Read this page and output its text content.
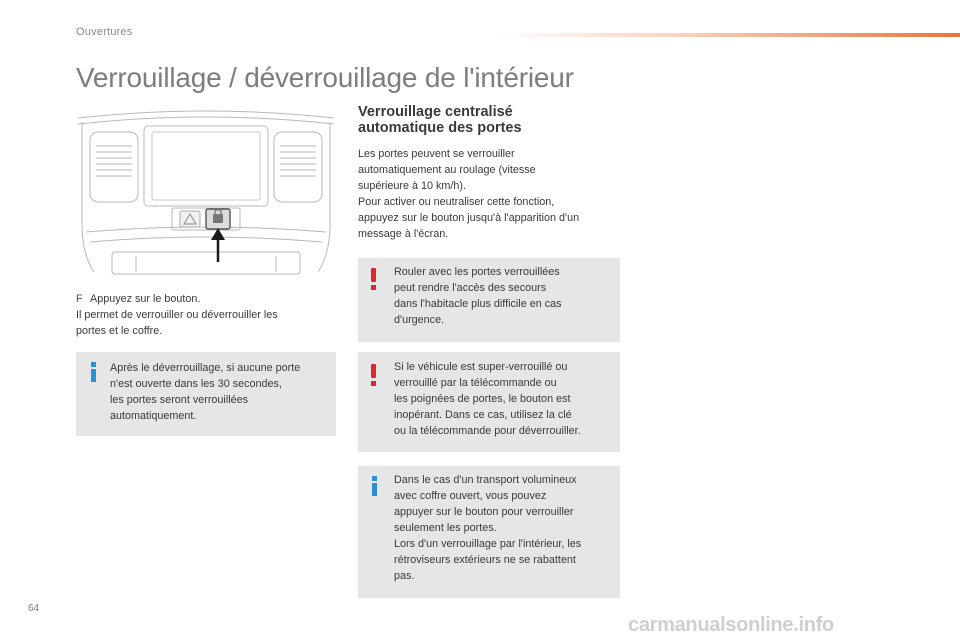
Ouvertures
Verrouillage / déverrouillage de l'intérieur
F Appuyez sur le bouton.
Il permet de verrouiller ou déverrouiller les
portes et le coffre.
Après le déverrouillage, si aucune porte
n'est ouverte dans les 30 secondes,
les portes seront verrouillées
automatiquement.
Verrouillage centralisé
automatique des portes
Les portes peuvent se verrouiller
automatiquement au roulage (vitesse
supérieure à 10 km/h).
Pour activer ou neutraliser cette fonction,
appuyez sur le bouton jusqu'à l'apparition d'un
message à l'écran.
Rouler avec les portes verrouillées
peut rendre l'accès des secours
dans l'habitacle plus difficile en cas
d'urgence.
Si le véhicule est super-verrouillé ou
verrouillé par la télécommande ou
les poignées de portes, le bouton est
inopérant. Dans ce cas, utilisez la clé
ou la télécommande pour déverrouiller.
Dans le cas d'un transport volumineux
avec coffre ouvert, vous pouvez
appuyer sur le bouton pour verrouiller
seulement les portes.
Lors d'un verrouillage par l'intérieur, les
rétroviseurs extérieurs ne se rabattent
pas.
64
carmanualsonline.info
